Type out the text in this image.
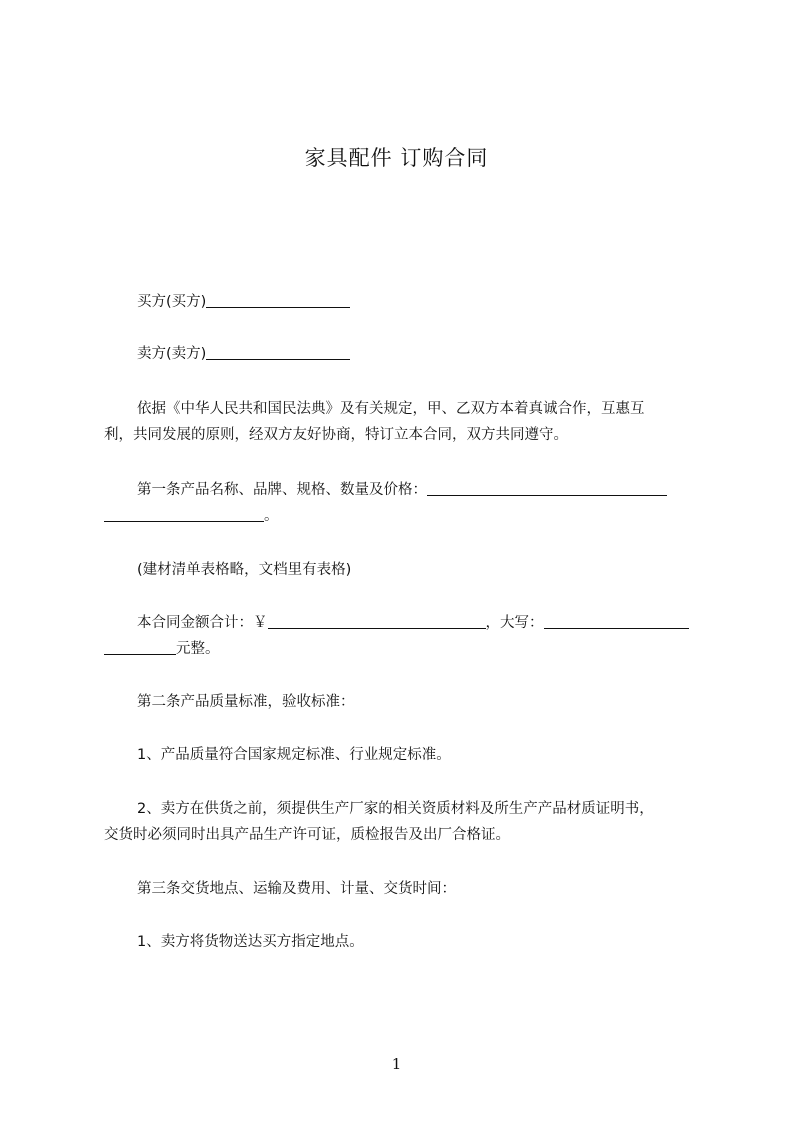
家具配件 订购合同
买方(买方)
卖方(卖方)
依据《中华人民共和国民法典》及有关规定，甲、乙双方本着真诚合作，互惠互
利，共同发展的原则，经双方友好协商，特订立本合同，双方共同遵守。
第一条产品名称、品牌、规格、数量及价格：
。
(建材清单表格略，文档里有表格)
本合同金额合计：￥	，大写：
元整。
第二条产品质量标准，验收标准：
1、产品质量符合国家规定标准、行业规定标准。
2、卖方在供货之前，须提供生产厂家的相关资质材料及所生产产品材质证明书，
交货时必须同时出具产品生产许可证，质检报告及出厂合格证。
第三条交货地点、运输及费用、计量、交货时间：
1、卖方将货物送达买方指定地点。
1
